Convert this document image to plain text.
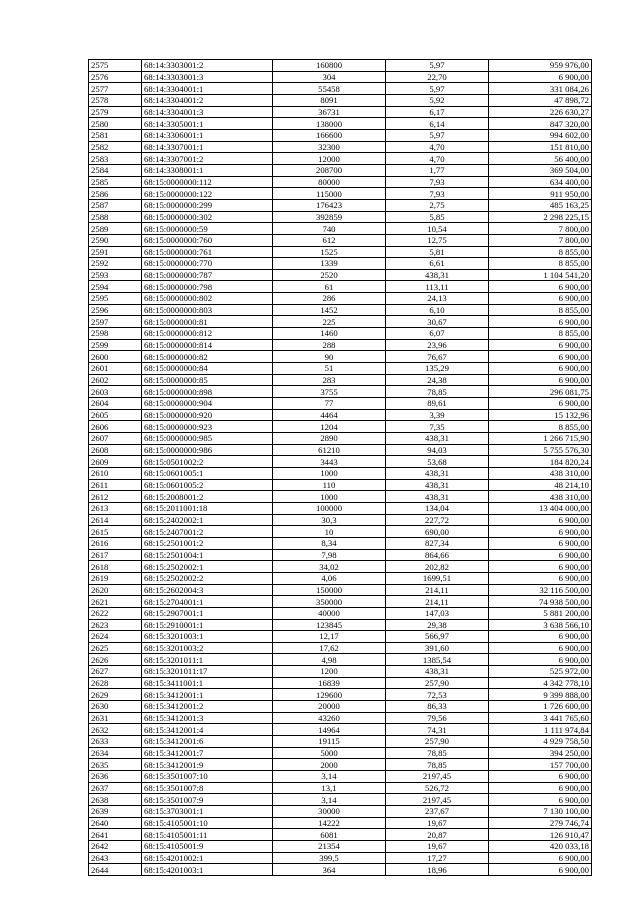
2575	68:14:3303001:2	160800	5,97	959 976,00
2576	68:14:3303001:3	304	22,70	6 900,00
2577	68:14:3304001:1	55458	5,97	331 084,26
2578	68:14:3304001:2	8091	5,92	47 898,72
2579	68:14:3304001:3	36731	6,17	226 630,27
2580	68:14:3305001:1	138000	6,14	847 320,00
2581	68:14:3306001:1	166600	5,97	994 602,00
2582	68:14:3307001:1	32300	4,70	151 810,00
2583	68:14:3307001:2	12000	4,70	56 400,00
2584	68:14:3308001:1	208700	1,77	369 504,00
2585	68:15:0000000:112	80000	7,93	634 400,00
2586	68:15:0000000:122	115000	7,93	911 950,00
2587	68:15:0000000:299	176423	2,75	485 163,25
2588	68:15:0000000:302	392859	5,85	2 298 225,15
2589	68:15:0000000:59	740	10,54	7 800,00
2590	68:15:0000000:760	612	12,75	7 800,00
2591	68:15:0000000:761	1525	5,81	8 855,00
2592	68:15:0000000:770	1339	6,61	8 855,00
2593	68:15:0000000:787	2520	438,31	1 104 541,20
2594	68:15:0000000:798	61	113,11	6 900,00
2595	68:15:0000000:802	286	24,13	6 900,00
2596	68:15:0000000:803	1452	6,10	8 855,00
2597	68:15:0000000:81	225	30,67	6 900,00
2598	68:15:0000000:812	1460	6,07	8 855,00
2599	68:15:0000000:814	288	23,96	6 900,00
2600	68:15:0000000:82	90	76,67	6 900,00
2601	68:15:0000000:84	51	135,29	6 900,00
2602	68:15:0000000:85	283	24,38	6 900,00
2603	68:15:0000000:898	3755	78,85	296 081,75
2604	68:15:0000000:904	77	89,61	6 900,00
2605	68:15:0000000:920	4464	3,39	15 132,96
2606	68:15:0000000:923	1204	7,35	8 855,00
2607	68:15:0000000:985	2890	438,31	1 266 715,90
2608	68:15:0000000:986	61210	94,03	5 755 576,30
2609	68:15:0501002:2	3443	53,68	184 820,24
2610	68:15:0601005:1	1000	438,31	438 310,00
2611	68:15:0601005:2	110	438,31	48 214,10
2612	68:15:2008001:2	1000	438,31	438 310,00
2613	68:15:2011001:18	100000	134,04	13 404 000,00
2614	68:15:2402002:1	30,3	227,72	6 900,00
2615	68:15:2407001:2	10	690,00	6 900,00
2616	68:15:2501001:2	8,34	827,34	6 900,00
2617	68:15:2501004:1	7,98	864,66	6 900,00
2618	68:15:2502002:1	34,02	202,82	6 900,00
2619	68:15:2502002:2	4,06	1699,51	6 900,00
2620	68:15:2602004:3	150000	214,11	32 116 500,00
2621	68:15:2704001:1	350000	214,11	74 938 500,00
2622	68:15:2907001:1	40000	147,03	5 881 200,00
2623	68:15:2910001:1	123845	29,38	3 638 566,10
2624	68:15:3201003:1	12,17	566,97	6 900,00
2625	68:15:3201003:2	17,62	391,60	6 900,00
2626	68:15:3201011:1	4,98	1385,54	6 900,00
2627	68:15:3201011:17	1200	438,31	525 972,00
2628	68:15:3411001:1	16839	257,90	4 342 778,10
2629	68:15:3412001:1	129600	72,53	9 399 888,00
2630	68:15:3412001:2	20000	86,33	1 726 600,00
2631	68:15:3412001:3	43260	79,56	3 441 765,60
2632	68:15:3412001:4	14964	74,31	1 111 974,84
2633	68:15:3412001:6	19115	257,90	4 929 758,50
2634	68:15:3412001:7	5000	78,85	394 250,00
2635	68:15:3412001:9	2000	78,85	157 700,00
2636	68:15:3501007:10	3,14	2197,45	6 900,00
2637	68:15:3501007:8	13,1	526,72	6 900,00
2638	68:15:3501007:9	3,14	2197,45	6 900,00
2639	68:15:3703001:1	30000	237,67	7 130 100,00
2640	68:15:4105001:10	14222	19,67	279 746,74
2641	68:15:4105001:11	6081	20,87	126 910,47
2642	68:15:4105001:9	21354	19,67	420 033,18
2643	68:15:4201002:1	399,5	17,27	6 900,00
2644	68:15:4201003:1	364	18,96	6 900,00
